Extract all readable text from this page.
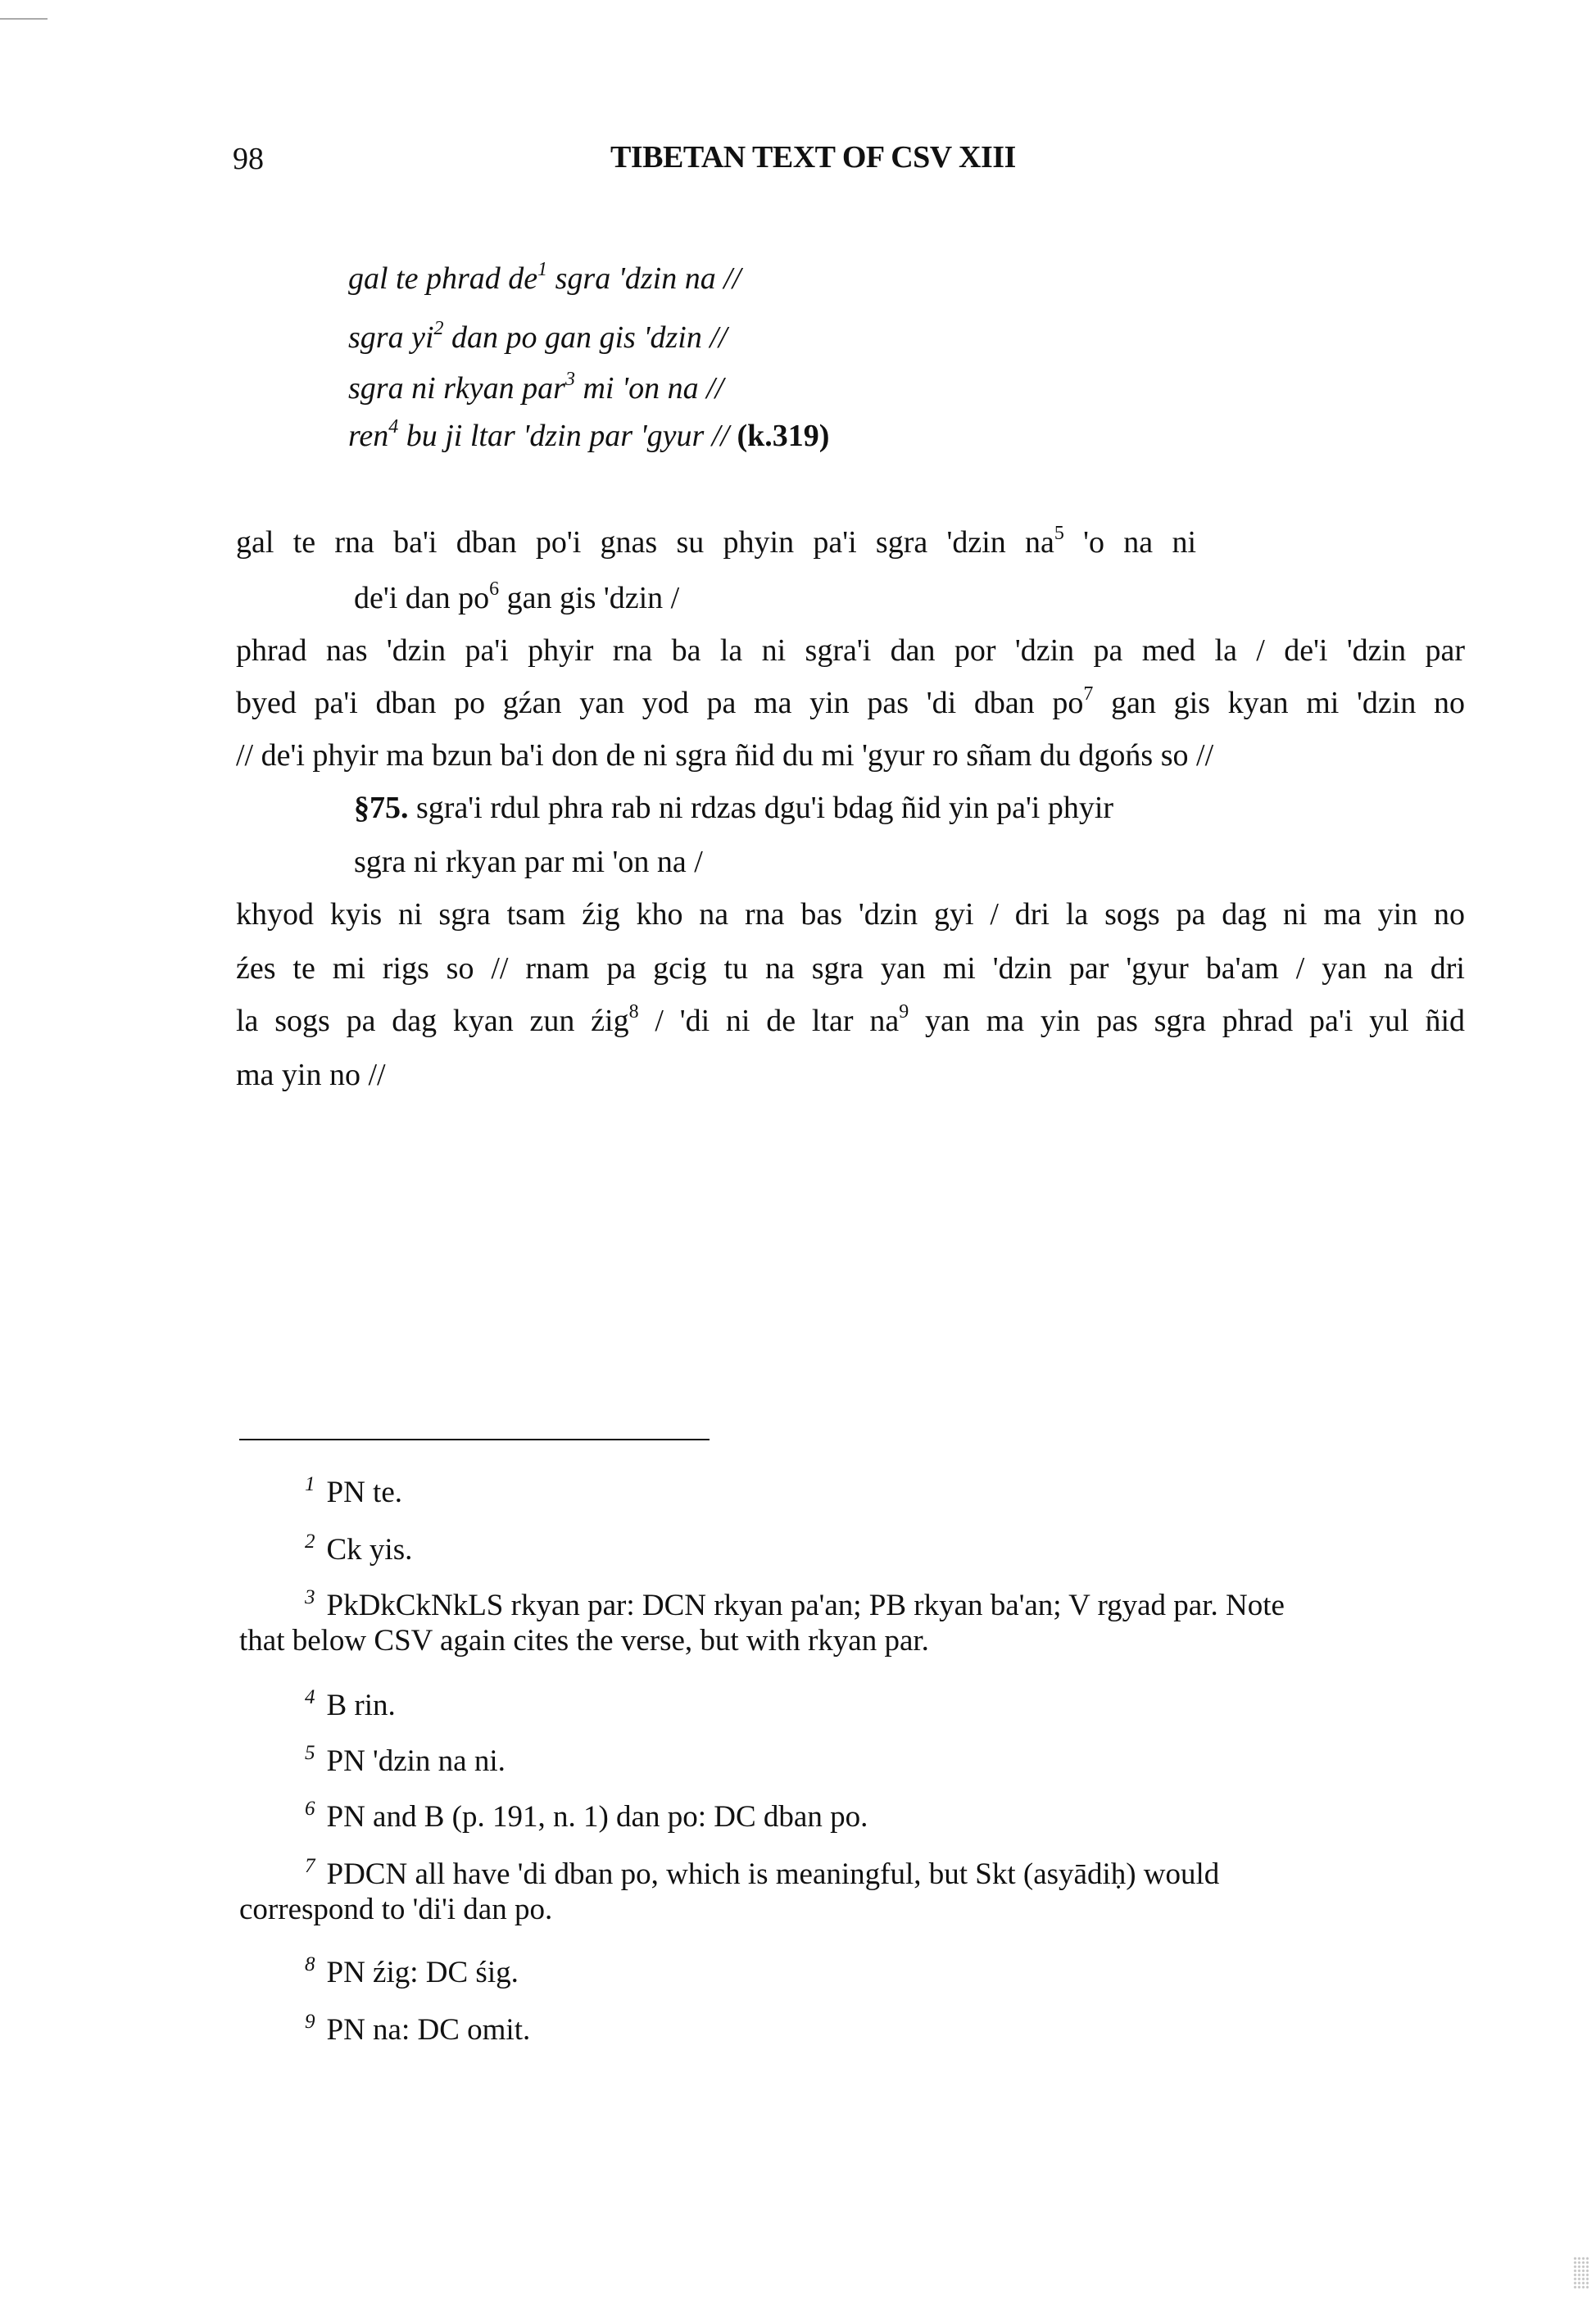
98	TIBETAN TEXT OF CSV XIII
gal te phrad $de^1$ sgra 'dzin na //
sgra $yi^2$ dan po gan gis 'dzin //
sgra ni rkyan par$^3$ mi 'on na //
ren$^4$ bu ji ltar 'dzin par 'gyur // (k.319)
gal te rna ba'i dban po'i gnas su phyin pa'i sgra 'dzin $na^5$ 'o na ni
de'i dan $po^6$ gan gis 'dzin /
phrad nas 'dzin pa'i phyir rna ba la ni sgra'i dan por 'dzin pa med la / de'i 'dzin par
byed pa'i dban po gźan yan yod pa ma yin pas 'di dban $po^7$ gan gis kyan mi 'dzin no
// de'i phyir ma bzun ba'i don de ni sgra ñid du mi 'gyur ro sñam du dgońs so //
§75. sgra'i rdul phra rab ni rdzas dgu'i bdag ñid yin pa'i phyir
sgra ni rkyan par mi 'on na /
khyod kyis ni sgra tsam źig kho na rna bas 'dzin gyi / dri la sogs pa dag ni ma yin no
źes te mi rigs so // rnam pa gcig tu na sgra yan mi 'dzin par 'gyur ba'am / yan na dri
la sogs pa dag kyan zun źig$^8$ / 'di ni de ltar $na^9$ yan ma yin pas sgra phrad pa'i yul ñid
ma yin no //
$^1$ PN te.
$^2$ Ck yis.
$^3$ PkDkCkNkLS rkyan par: DCN rkyan pa'an; PB rkyan ba'an; V rgyad par. Note
that below CSV again cites the verse, but with rkyan par.
$^4$ B rin.
$^5$ PN 'dzin na ni.
$^6$ PN and B (p. 191, n. 1) dan po: DC dban po.
$^7$ PDCN all have 'di dban po, which is meaningful, but Skt (asyādiḥ) would
correspond to 'di'i dan po.
$^8$ PN źig: DC śig.
$^9$ PN na: DC omit.
